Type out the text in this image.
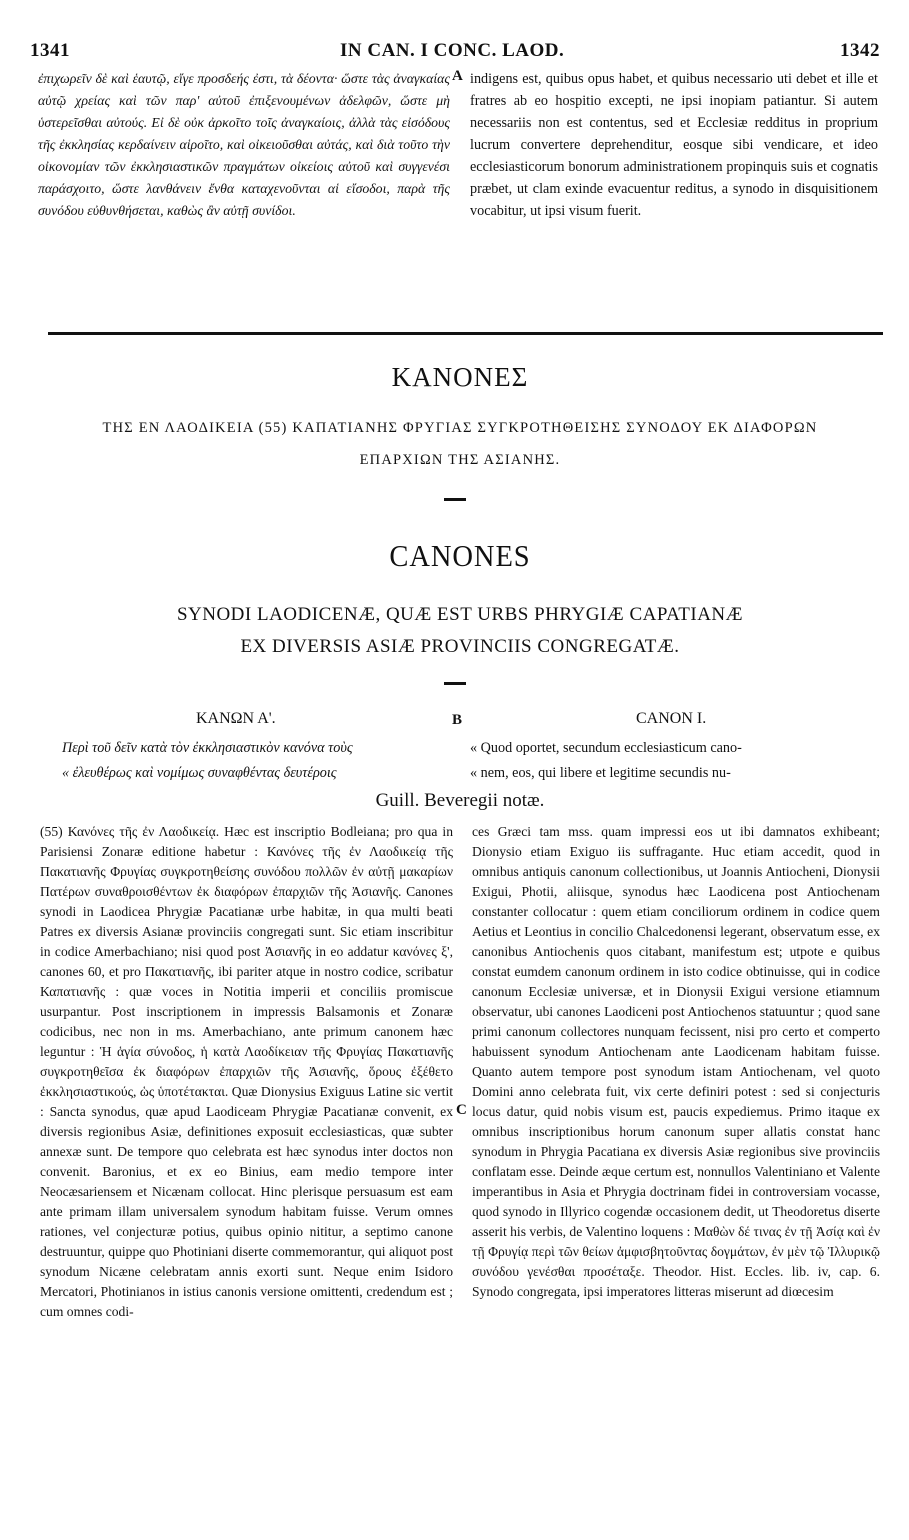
1341	IN CAN. I CONC. LAOD.	1342
ἐπιχωρεῖν δὲ καὶ ἑαυτῷ, εἴγε προσδεής ἐστι, τὰ δέοντα· ὥστε τὰς ἀναγκαίας αὐτῷ χρείας καὶ τῶν παρ' αὐτοῦ ἐπιξενουμένων ἀδελφῶν, ὥστε μὴ ὑστερεῖσθαι αὐτούς. Εἰ δὲ οὐκ ἀρκοῖτο τοῖς ἀναγκαίοις, ἀλλὰ τὰς εἰσόδους τῆς ἐκκλησίας κερδαίνειν αἱροῖτο, καὶ οἰκειοῦσθαι αὐτάς, καὶ διὰ τοῦτο τὴν οἰκονομίαν τῶν ἐκκλησιαστικῶν πραγμάτων οἰκείοις αὐτοῦ καὶ συγγενέσι παράσχοιτο, ὥστε λανθάνειν ἔνθα καταχενοῦνται αἱ εἴσοδοι, παρὰ τῆς συνόδου εὐθυνθήσεται, καθὼς ἂν αὐτῇ συνίδοι.
A indigens est, quibus opus habet, et quibus necessario uti debet et ille et fratres ab eo hospitio excepti, ne ipsi inopiam patiantur. Si autem necessariis non est contentus, sed et Ecclesiæ redditus in proprium lucrum convertere deprehenditur, eosque sibi vendicare, et ideo ecclesiasticorum bonorum administrationem propinquis suis et cognatis præbet, ut clam exinde evacuentur reditus, a synodo in disquisitionem vocabitur, ut ipsi visum fuerit.
ΚΑΝΟΝΕΣ
ΤΗΣ ΕΝ ΛΑΟΔΙΚΕΙΑ (55) ΚΑΠΑΤΙΑΝΗΣ ΦΡΥΓΙΑΣ ΣΥΓΚΡΟΤΗΘΕΙΣΗΣ ΣΥΝΟΔΟΥ ΕΚ ΔΙΑΦΟΡΩΝ
ΕΠΑΡΧΙΩΝ ΤΗΣ ΑΣΙΑΝΗΣ.
CANONES
SYNODI LAODICENÆ, QUÆ EST URBS PHRYGIÆ CAPATIANÆ
EX DIVERSIS ASIÆ PROVINCIIS CONGREGATÆ.
ΚΑΝΩΝ Α'.	B	CANON I.
Περὶ τοῦ δεῖν κατὰ τὸν ἐκκλησιαστικὸν κανόνα τοὺς
« ἐλευθέρως καὶ νομίμως συναφθέντας δευτέροις
« Quod oportet, secundum ecclesiasticum cano-
« nem, eos, qui libere et legitime secundis nu-
Guill. Beveregii notæ.
(55) Κανόνες τῆς ἐν Λαοδικείᾳ. Hæc est inscriptio Bodleiana; pro qua in Parisiensi Zonaræ editione habetur : Κανόνες τῆς ἐν Λαοδικείᾳ τῆς Πακατιανῆς Φρυγίας συγκροτηθείσης συνόδου πολλῶν ἐν αὐτῇ μακαρίων Πατέρων συναθροισθέντων ἐκ διαφόρων ἐπαρχιῶν τῆς Ἀσιανῆς. Canones synodi in Laodicea Phrygiæ Pacatianæ urbe habitæ, in qua multi beati Patres ex diversis Asianæ provinciis congregati sunt. Sic etiam inscribitur in codice Amerbachiano; nisi quod post Ἀσιανῆς in eo addatur κανόνες ξ', canones 60, et pro Πακατιανῆς, ibi pariter atque in nostro codice, scribatur Καπατιανῆς : quæ voces in Notitia imperii et conciliis promiscue usurpantur. Post inscriptionem in impressis Balsamonis et Zonaræ codicibus, nec non in ms. Amerbachiano, ante primum canonem hæc leguntur : Ἡ ἁγία σύνοδος, ἡ κατὰ Λαοδίκειαν τῆς Φρυγίας Πακατιανῆς συγκροτηθεῖσα ἐκ διαφόρων ἐπαρχιῶν τῆς Ἀσιανῆς, ὅρους ἐξέθετο ἐκκλησιαστικούς, ὡς ὑποτέτακται. Quæ Dionysius Exiguus Latine sic vertit : Sancta synodus, quæ apud Laodiceam Phrygiæ Pacatianæ convenit, ex diversis regionibus Asiæ, definitiones exposuit ecclesiasticas, quæ subter annexæ sunt. De tempore quo celebrata est hæc synodus inter doctos non convenit. Baronius, et ex eo Binius, eam medio tempore inter Neocæsariensem et Nicænam collocat. Hinc plerisque persuasum est eam ante primam illam universalem synodum habitam fuisse. Verum omnes rationes, vel conjecturæ potius, quibus opinio nititur, a septimo canone destruuntur, quippe quo Photiniani diserte commemorantur, qui aliquot post synodum Nicæne celebratam annis exorti sunt. Neque enim Isidoro Mercatori, Photinianos in istius canonis versione omittenti, credendum est ; cum omnes codi-
C
ces Græci tam mss. quam impressi eos ut ibi damnatos exhibeant; Dionysio etiam Exiguo iis suffragante. Huc etiam accedit, quod in omnibus antiquis canonum collectionibus, ut Joannis Antiocheni, Dionysii Exigui, Photii, aliisque, synodus hæc Laodicena post Antiochenam constanter collocatur : quem etiam conciliorum ordinem in codice quem Aetius et Leontius in concilio Chalcedonensi legerant, observatum esse, ex canonibus Antiochenis quos citabant, manifestum est; utpote e quibus constat eumdem canonum ordinem in isto codice obtinuisse, qui in codice canonum Ecclesiæ universæ, et in Dionysii Exigui versione etiamnum observatur, ubi canones Laodiceni post Antiochenos statuuntur ; quod sane primi canonum collectores nunquam fecissent, nisi pro certo et comperto habuissent synodum Antiochenam ante Laodicenam habitam fuisse. Quanto autem tempore post synodum istam Antiochenam, vel quoto Domini anno celebrata fuit, vix certe definiri potest : sed si conjecturis locus datur, quid nobis visum est, paucis expediemus. Primo itaque ex omnibus inscriptionibus horum canonum super allatis constat hanc synodum in Phrygia Pacatiana ex diversis Asiæ regionibus sive provinciis conflatam esse. Deinde æque certum est, nonnullos Valentiniano et Valente imperantibus in Asia et Phrygia doctrinam fidei in controversiam vocasse, quod synodo in Illyrico cogendæ occasionem dedit, ut Theodoretus diserte asserit his verbis, de Valentino loquens : Μαθὼν δέ τινας ἐν τῇ Ἀσίᾳ καὶ ἐν τῇ Φρυγίᾳ περὶ τῶν θείων ἀμφισβητοῦντας δογμάτων, ἐν μὲν τῷ Ἰλλυρικῷ συνόδου γενέσθαι προσέταξε. Theodor. Hist. Eccles. lib. iv, cap. 6. Synodo congregata, ipsi imperatores litteras miserunt ad diœcesim
